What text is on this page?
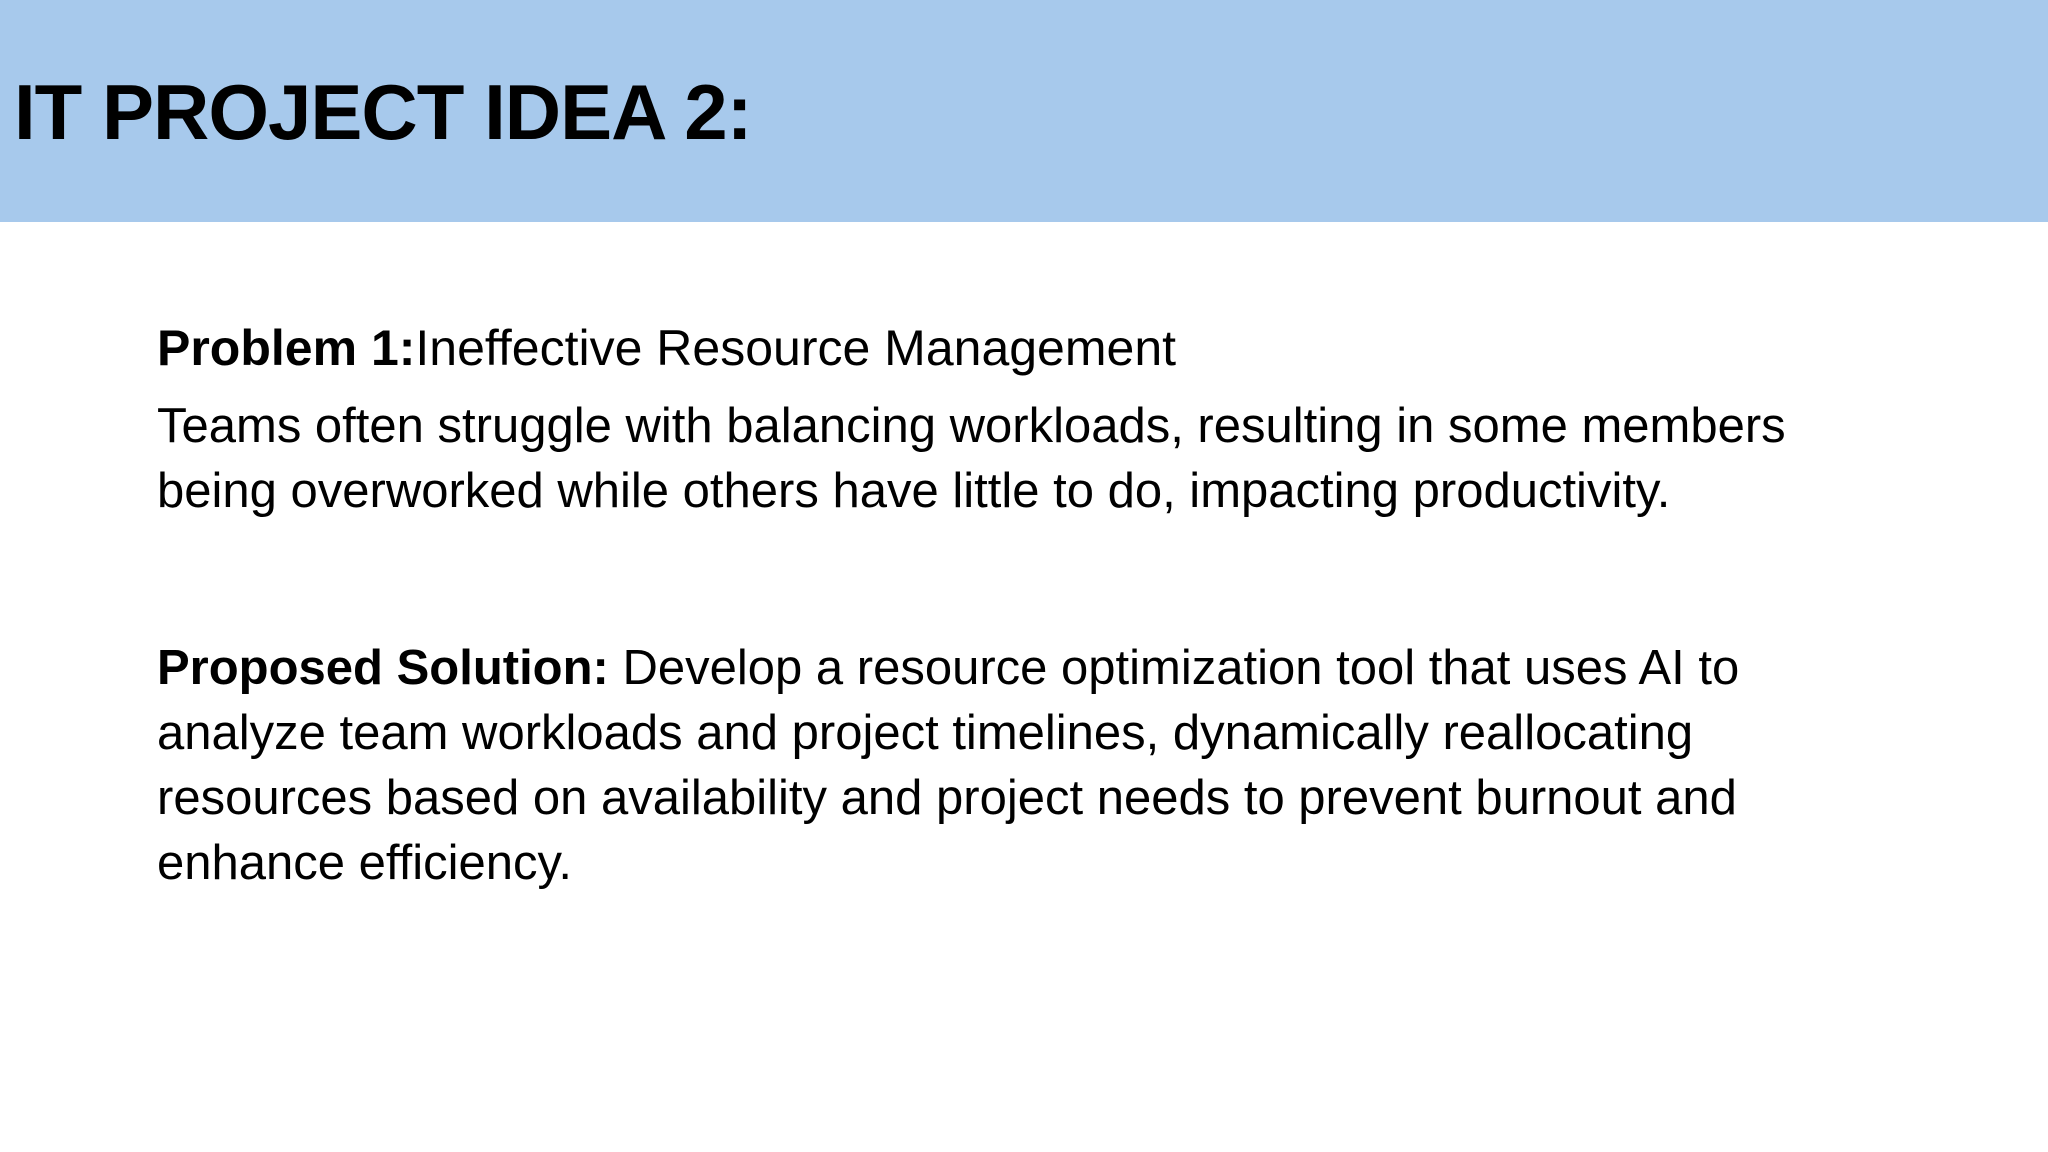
IT PROJECT IDEA 2:

Problem 1:Ineffective Resource Management

Teams often struggle with balancing workloads, resulting in some members being overworked while others have little to do, impacting productivity.

Proposed Solution: Develop a resource optimization tool that uses AI to analyze team workloads and project timelines, dynamically reallocating resources based on availability and project needs to prevent burnout and enhance efficiency.
